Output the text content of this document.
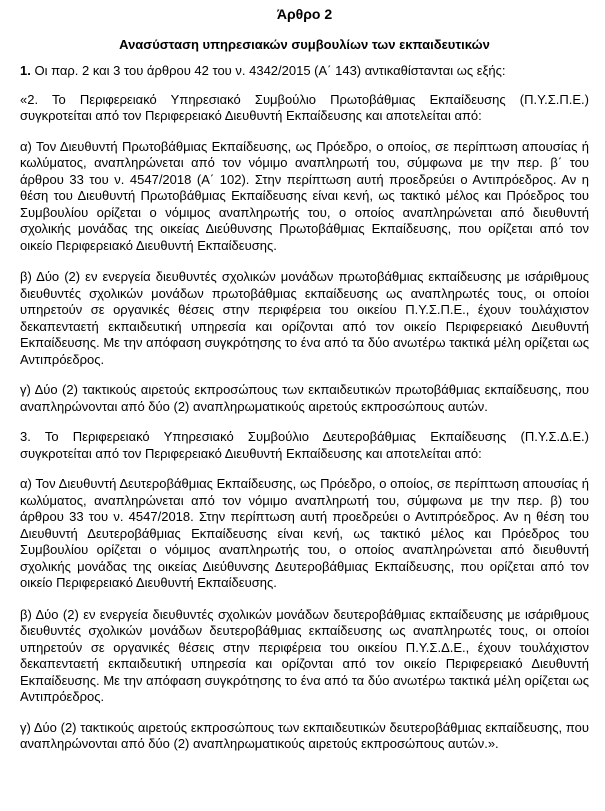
Άρθρο 2
Ανασύσταση υπηρεσιακών συμβουλίων των εκπαιδευτικών
1. Οι παρ. 2 και 3 του άρθρου 42 του ν. 4342/2015 (Α΄ 143) αντικαθίστανται ως εξής:
«2. Το Περιφερειακό Υπηρεσιακό Συμβούλιο Πρωτοβάθμιας Εκπαίδευσης (Π.Υ.Σ.Π.Ε.) συγκροτείται από τον Περιφερειακό Διευθυντή Εκπαίδευσης και αποτελείται από:
α) Τον Διευθυντή Πρωτοβάθμιας Εκπαίδευσης, ως Πρόεδρο, ο οποίος, σε περίπτωση απουσίας ή κωλύματος, αναπληρώνεται από τον νόμιμο αναπληρωτή του, σύμφωνα με την περ. β΄ του άρθρου 33 του ν. 4547/2018 (Α΄ 102). Στην περίπτωση αυτή προεδρεύει ο Αντιπρόεδρος. Αν η θέση του Διευθυντή Πρωτοβάθμιας Εκπαίδευσης είναι κενή, ως τακτικό μέλος και Πρόεδρος του Συμβουλίου ορίζεται ο νόμιμος αναπληρωτής του, ο οποίος αναπληρώνεται από διευθυντή σχολικής μονάδας της οικείας Διεύθυνσης Πρωτοβάθμιας Εκπαίδευσης, που ορίζεται από τον οικείο Περιφερειακό Διευθυντή Εκπαίδευσης.
β) Δύο (2) εν ενεργεία διευθυντές σχολικών μονάδων πρωτοβάθμιας εκπαίδευσης με ισάριθμους διευθυντές σχολικών μονάδων πρωτοβάθμιας εκπαίδευσης ως αναπληρωτές τους, οι οποίοι υπηρετούν σε οργανικές θέσεις στην περιφέρεια του οικείου Π.Υ.Σ.Π.Ε., έχουν τουλάχιστον δεκαπενταετή εκπαιδευτική υπηρεσία και ορίζονται από τον οικείο Περιφερειακό Διευθυντή Εκπαίδευσης. Με την απόφαση συγκρότησης το ένα από τα δύο ανωτέρω τακτικά μέλη ορίζεται ως Αντιπρόεδρος.
γ) Δύο (2) τακτικούς αιρετούς εκπροσώπους των εκπαιδευτικών πρωτοβάθμιας εκπαίδευσης, που αναπληρώνονται από δύο (2) αναπληρωματικούς αιρετούς εκπροσώπους αυτών.
3. Το Περιφερειακό Υπηρεσιακό Συμβούλιο Δευτεροβάθμιας Εκπαίδευσης (Π.Υ.Σ.Δ.Ε.) συγκροτείται από τον Περιφερειακό Διευθυντή Εκπαίδευσης και αποτελείται από:
α) Τον Διευθυντή Δευτεροβάθμιας Εκπαίδευσης, ως Πρόεδρο, ο οποίος, σε περίπτωση απουσίας ή κωλύματος, αναπληρώνεται από τον νόμιμο αναπληρωτή του, σύμφωνα με την περ. β) του άρθρου 33 του ν. 4547/2018. Στην περίπτωση αυτή προεδρεύει ο Αντιπρόεδρος. Αν η θέση του Διευθυντή Δευτεροβάθμιας Εκπαίδευσης είναι κενή, ως τακτικό μέλος και Πρόεδρος του Συμβουλίου ορίζεται ο νόμιμος αναπληρωτής του, ο οποίος αναπληρώνεται από διευθυντή σχολικής μονάδας της οικείας Διεύθυνσης Δευτεροβάθμιας Εκπαίδευσης, που ορίζεται από τον οικείο Περιφερειακό Διευθυντή Εκπαίδευσης.
β) Δύο (2) εν ενεργεία διευθυντές σχολικών μονάδων δευτεροβάθμιας εκπαίδευσης με ισάριθμους διευθυντές σχολικών μονάδων δευτεροβάθμιας εκπαίδευσης ως αναπληρωτές τους, οι οποίοι υπηρετούν σε οργανικές θέσεις στην περιφέρεια του οικείου Π.Υ.Σ.Δ.Ε., έχουν τουλάχιστον δεκαπενταετή εκπαιδευτική υπηρεσία και ορίζονται από τον οικείο Περιφερειακό Διευθυντή Εκπαίδευσης. Με την απόφαση συγκρότησης το ένα από τα δύο ανωτέρω τακτικά μέλη ορίζεται ως Αντιπρόεδρος.
γ) Δύο (2) τακτικούς αιρετούς εκπροσώπους των εκπαιδευτικών δευτεροβάθμιας εκπαίδευσης, που αναπληρώνονται από δύο (2) αναπληρωματικούς αιρετούς εκπροσώπους αυτών.».
